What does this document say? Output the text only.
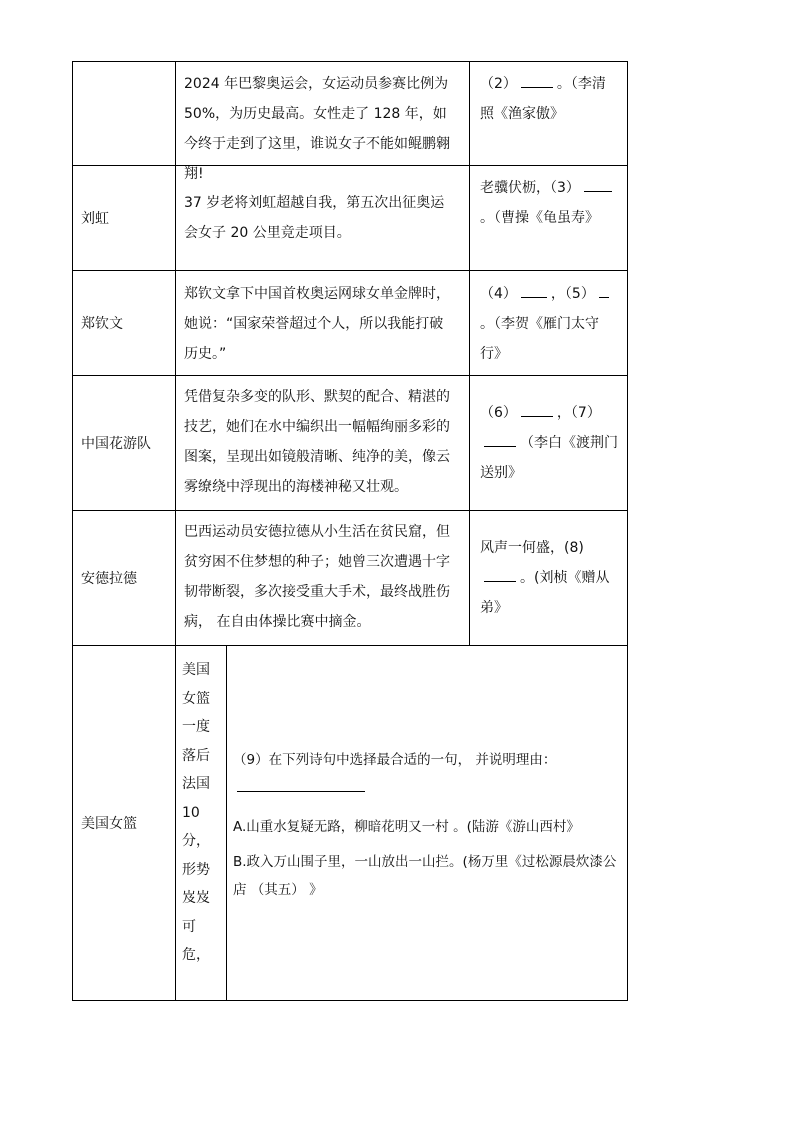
2024 年巴黎奥运会，女运动员参赛比例为 50%，为历史最高。女性走了 128 年，如今终于走到了这里，谁说女子不能如鲲鹏翱翔!
（2）	。（李清照《渔家傲》
刘虹
37 岁老将刘虹超越自我，第五次出征奥运会女子 20 公里竞走项目。
老骥伏枥，（3）。（曹操《龟虽寿》
郑钦文
郑钦文拿下中国首枚奥运网球女单金牌时，她说：“国家荣誉超过个人，所以我能打破历史。”
（4） ，（5）。（李贺《雁门太守行》
中国花游队
凭借复杂多变的队形、默契的配合、精湛的技艺，她们在水中编织出一幅幅绚丽多彩的图案，呈现出如镜般清晰、纯净的美，像云雾缭绕中浮现出的海楼神秘又壮观。
（6）	，（7）（李白《渡荆门送别》
安德拉德
巴西运动员安德拉德从小生活在贫民窟，但贫穷困不住梦想的种子；她曾三次遭遇十字韧带断裂，多次接受重大手术，最终战胜伤病， 在自由体操比赛中摘金。
风声一何盛，(8)。(刘桢《赠从弟》
美国女篮
美国女篮一度落后法国10分，形势岌岌可危，
（9）在下列诗句中选择最合适的一句， 并说明理由：
A.山重水复疑无路，柳暗花明又一村 。(陆游《游山西村》
B.政入万山围子里，一山放出一山拦。(杨万里《过松源晨炊漆公店 （其五） 》
